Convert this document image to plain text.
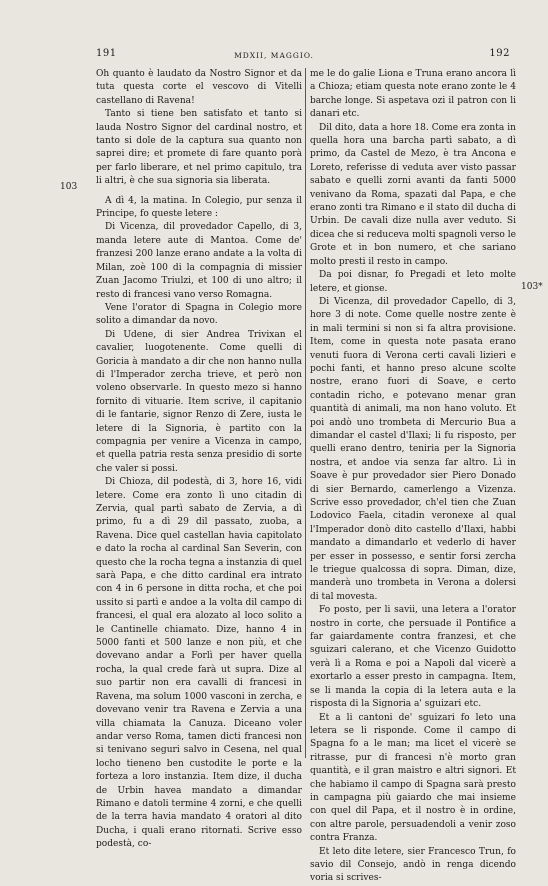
191	MDXII, MAGGIO.	192
103
103*

Oh quanto è laudato da Nostro Signor et da tuta questa corte el vescovo di Vitelli castellano di Ravena!

Tanto si tiene ben satisfato et tanto si lauda Nostro Signor del cardinal nostro, et tanto si dole de la captura sua quanto non saprei dire; et promete di fare quanto porà per farlo liberare, et nel primo capitulo, tra li altri, è che sua signoria sia liberata.

A dì 4, la matina. In Colegio, pur senza il Principe, fo queste letere :

Di Vicenza, dil provedador Capello, di 3, manda letere aute di Mantoa. Come de' franzesi 200 lanze erano andate a la volta di Milan, zoè 100 di la compagnia di missier Zuan Jacomo Triulzi, et 100 di uno altro; il resto di francesi vano verso Romagna.

Vene l'orator di Spagna in Colegio more solito a dimandar da novo.

Di Udene, di sier Andrea Trivixan el cavalier, luogotenente. Come quelli di Goricia à mandato a dir che non hanno nulla di l'Imperador zercha trieve, et però non voleno observarle. In questo mezo si hanno fornito di vituarie. Item scrive, il capitanio di le fantarie, signor Renzo di Zere, iusta le letere di la Signoria, è partito con la compagnia per venire a Vicenza in campo, et quella patria resta senza presidio di sorte che valer si possi.

Di Chioza, dil podestà, di 3, hore 16, vidi letere. Come era zonto lì uno citadin di Zervia, qual partì sabato de Zervia, a dì primo, fu a dì 29 dil passato, zuoba, a Ravena. Dice quel castellan havia capitolato e dato la rocha al cardinal San Severin, con questo che la rocha tegna a instanzia di quel sarà Papa, e che ditto cardinal era intrato con 4 in 6 persone in ditta rocha, et che poi ussito si partì e andoe a la volta dil campo di francesi, el qual era alozato al loco solito a le Cantinelle chiamato. Dize, hanno 4 in 5000 fanti et 500 lanze e non più, et che dovevano andar a Forlì per haver quella rocha, la qual crede farà ut supra. Dize al suo partir non era cavalli di francesi in Ravena, ma solum 1000 vasconi in zercha, e dovevano venir tra Ravena e Zervia a una villa chiamata la Canuza. Diceano voler andar verso Roma, tamen dicti francesi non si tenivano seguri salvo in Cesena, nel qual locho tieneno ben custodite le porte e la forteza a loro instanzia. Item dize, il ducha de Urbin havea mandato a dimandar Rimano e datoli termine 4 zorni, e che quelli de la terra havia mandato 4 oratori al dito Ducha, i quali erano ritornati. Scrive esso podestà, co-

me le do galie Liona e Truna erano ancora lì a Chioza; etiam questa note erano zonte le 4 barche longe. Si aspetava ozi il patron con li danari etc.

Dil dito, data a hore 18. Come era zonta in quella hora una barcha partì sabato, a dì primo, da Castel de Mezo, è tra Ancona e Loreto, referisse di veduta aver visto passar sabato e quelli zorni avanti da fanti 5000 venivano da Roma, spazati dal Papa, e che erano zonti tra Rimano e il stato dil ducha di Urbin. De cavali dize nulla aver veduto. Si dicea che si reduceva molti spagnoli verso le Grote et in bon numero, et che sariano molto presti il resto in campo.

Da poi disnar, fo Pregadi et leto molte letere, et gionse.

Di Vicenza, dil provedador Capello, di 3, hore 3 di note. Come quelle nostre zente è in mali termini si non si fa altra provisione. Item, come in questa note pasata erano venuti fuora di Verona certi cavali lizieri e pochi fanti, et hanno preso alcune scolte nostre, erano fuori di Soave, e certo contadin richo, e potevano menar gran quantità di animali, ma non hano voluto. Et poi andò uno trombeta di Mercurio Bua a dimandar el castel d'Ilaxi; li fu risposto, per quelli erano dentro, teniria per la Signoria nostra, et andoe via senza far altro. Lì in Soave è pur provedador sier Piero Donado di sier Bernardo, camerlengo a Vizenza. Scrive esso provedador, ch'el tien che Zuan Lodovico Faela, citadin veronexe al qual l'Imperador donò dito castello d'Ilaxi, habbi mandato a dimandarlo et vederlo di haver per esser in possesso, e sentir forsi zercha le triegue qualcossa di sopra. Diman, dize, manderà uno trombeta in Verona a dolersi di tal movesta.

Fo posto, per li savii, una letera a l'orator nostro in corte, che persuade il Pontifice a far gaiardamente contra franzesi, et che sguizari calerano, et che Vicenzo Guidotto verà lì a Roma e poi a Napoli dal vicerè a exortarlo a esser presto in campagna. Item, se li manda la copia di la letera auta e la risposta di la Signoria a' sguizari etc.

Et a li cantoni de' sguizari fo leto una letera se li risponde. Come il campo di Spagna fo a le man; ma licet el vicerè se ritrasse, pur di francesi n'è morto gran quantità, e il gran maistro e altri signori. Et che habiamo il campo di Spagna sarà presto in campagna più gaiardo che mai insieme con quel dil Papa, et il nostro è in ordine, con altre parole, persuadendoli a venir zoso contra Franza.

Et leto dite letere, sier Francesco Trun, fo savio dil Consejo, andò in renga dicendo voria si scrives-
